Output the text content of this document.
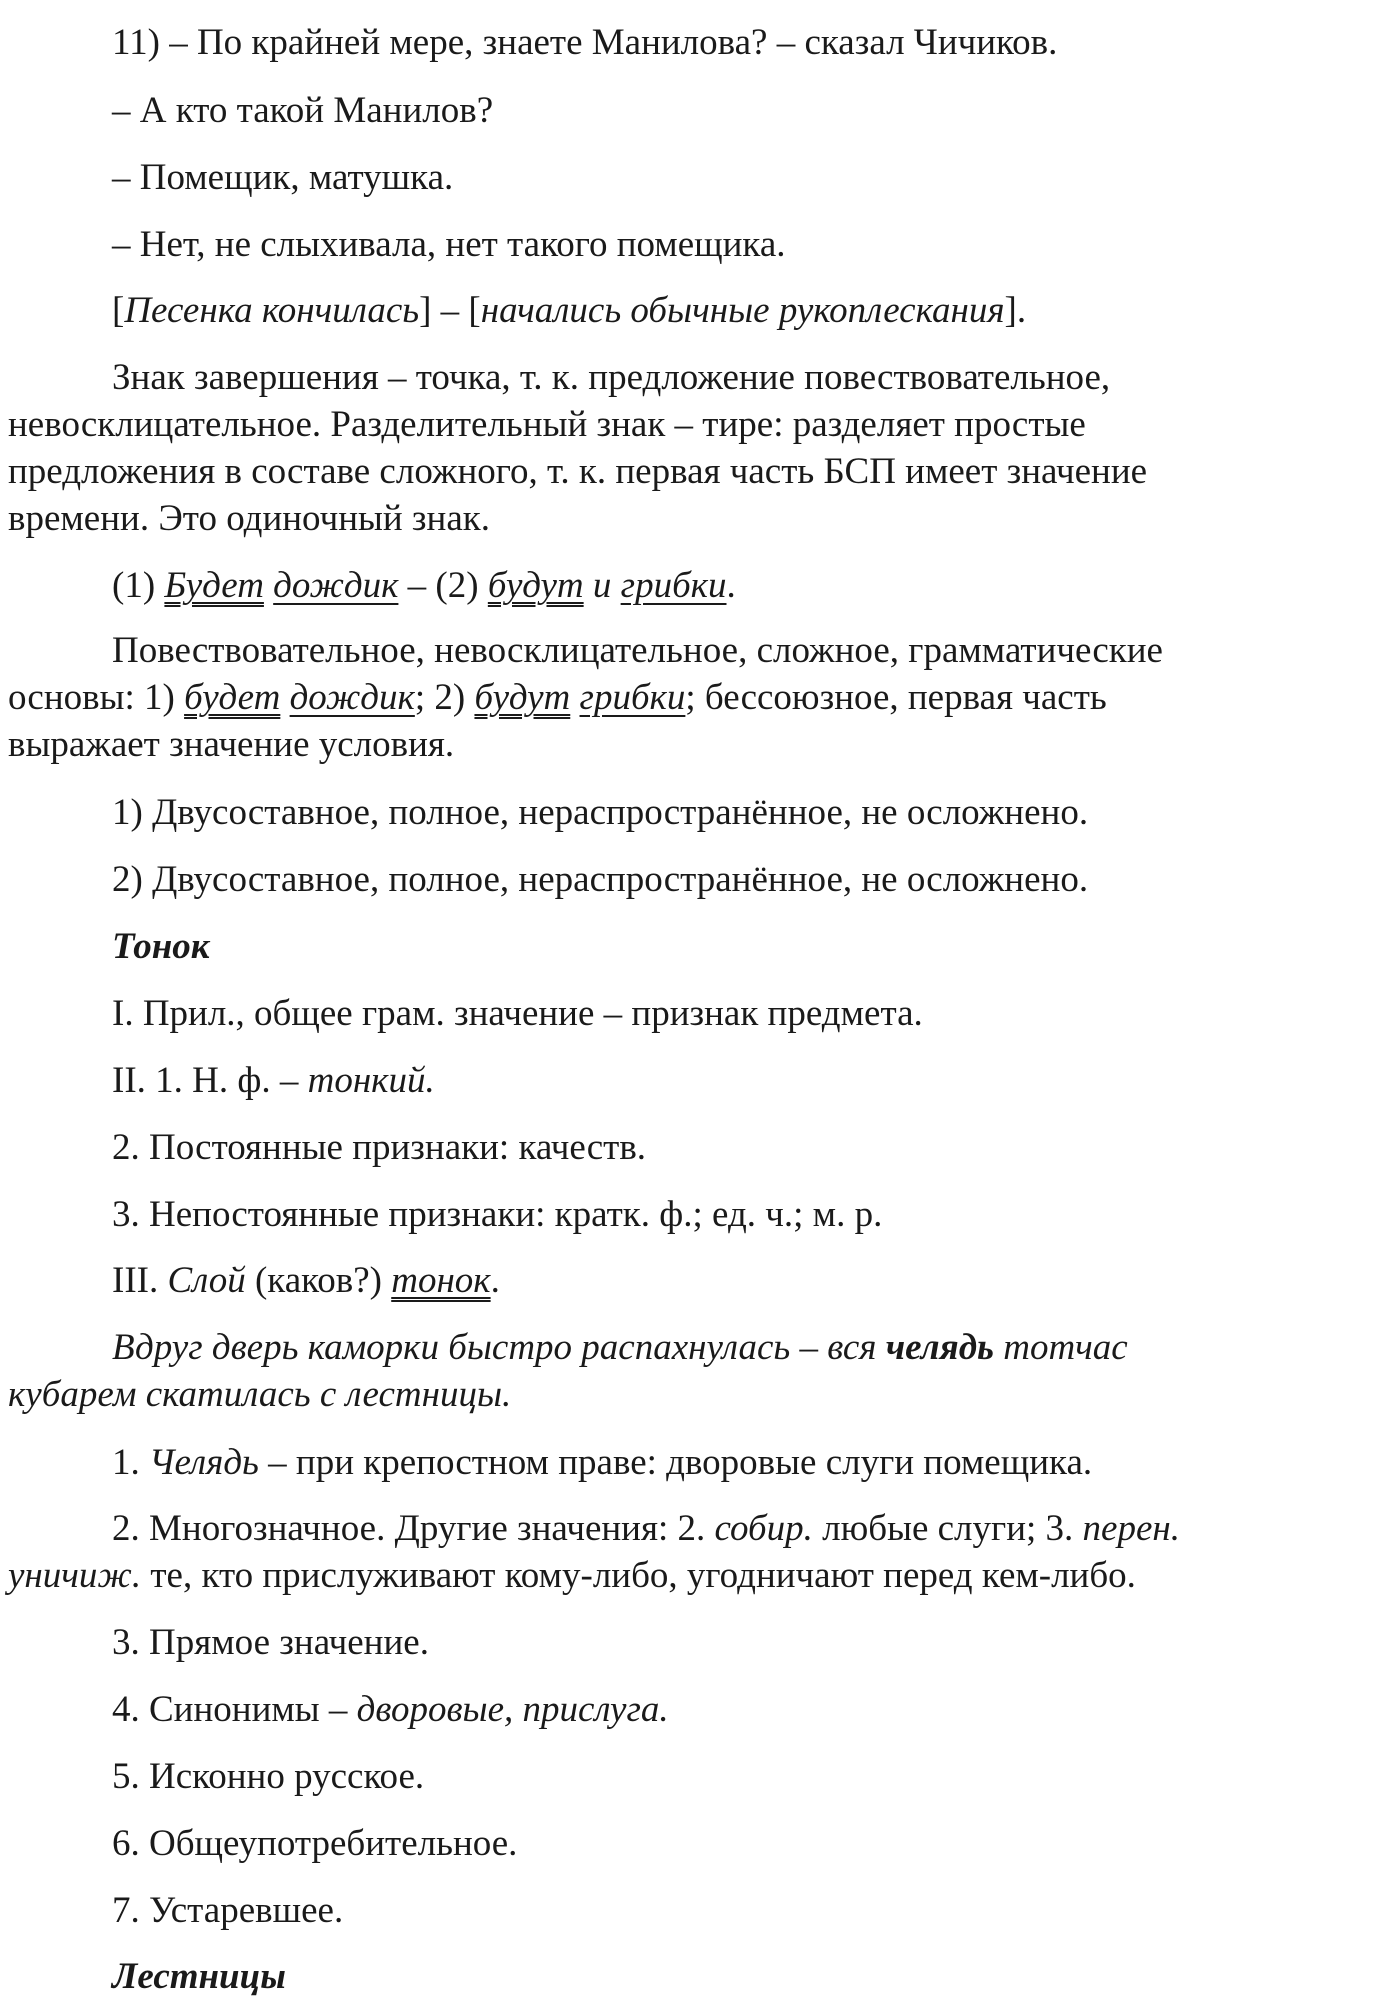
11) – По крайней мере, знаете Манилова? – сказал Чичиков.
– А кто такой Манилов?
– Помещик, матушка.
– Нет, не слыхивала, нет такого помещика.
[Песенка кончилась] – [начались обычные рукоплескания].
Знак завершения – точка, т. к. предложение повествовательное,
невосклицательное. Разделительный знак – тире: разделяет простые
предложения в составе сложного, т. к. первая часть БСП имеет значение
времени. Это одиночный знак.
(1) Будет дождик – (2) будут и грибки.
Повествовательное, невосклицательное, сложное, грамматические
основы: 1) будет дождик; 2) будут грибки; бессоюзное, первая часть
выражает значение условия.
1) Двусоставное, полное, нераспространённое, не осложнено.
2) Двусоставное, полное, нераспространённое, не осложнено.
Тонок
I. Прил., общее грам. значение – признак предмета.
II. 1. Н. ф. – тонкий.
2. Постоянные признаки: качеств.
3. Непостоянные признаки: кратк. ф.; ед. ч.; м. р.
III. Слой (каков?) тонок.
Вдруг дверь каморки быстро распахнулась – вся челядь тотчас
кубарем скатилась с лестницы.
1. Челядь – при крепостном праве: дворовые слуги помещика.
2. Многозначное. Другие значения: 2. собир. любые слуги; 3. перен.
уничиж. те, кто прислуживают кому-либо, угодничают перед кем-либо.
3. Прямое значение.
4. Синонимы – дворовые, прислуга.
5. Исконно русское.
6. Общеупотребительное.
7. Устаревшее.
Лестницы
